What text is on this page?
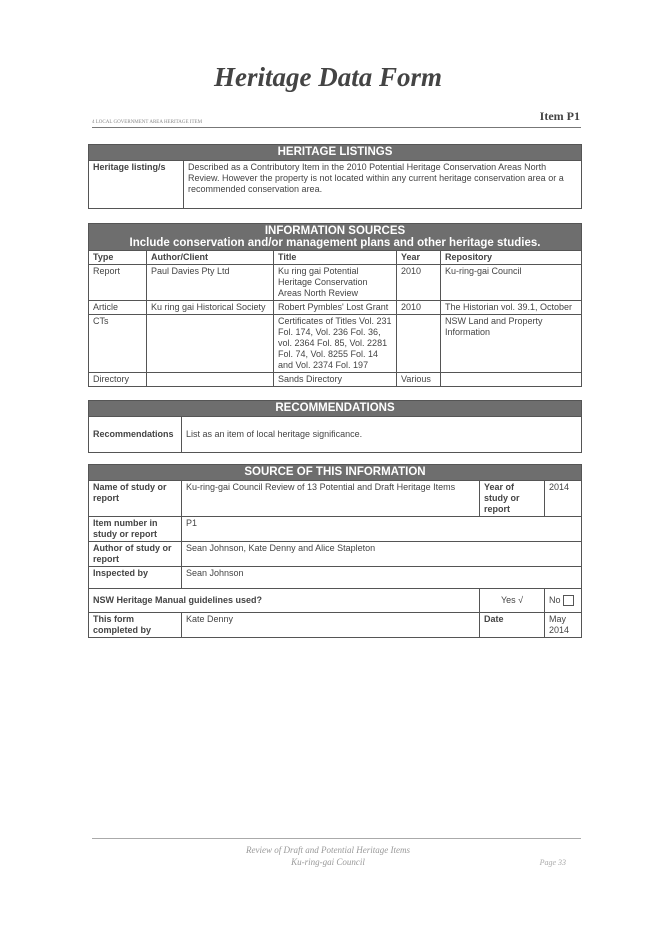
Heritage Data Form
4 LOCAL GOVERNMENT AREA HERITAGE ITEM	Item P1
HERITAGE LISTINGS
Heritage listing/s	Described as a Contributory Item in the 2010 Potential Heritage Conservation Areas North Review. However the property is not located within any current heritage conservation area or a recommended conservation area.
INFORMATION SOURCES
Include conservation and/or management plans and other heritage studies.				

Type	Author/Client	Title	Year	Repository
Report	Paul Davies Pty Ltd	Ku ring gai Potential Heritage Conservation Areas North Review	2010	Ku-ring-gai Council
Article	Ku ring gai Historical Society	Robert Pymbles' Lost Grant	2010	The Historian vol. 39.1, October
CTs		Certificates of Titles Vol. 231 Fol. 174, Vol. 236 Fol. 36, vol. 2364 Fol. 85, Vol. 2281 Fol. 74, Vol. 8255 Fol. 14 and Vol. 2374 Fol. 197		NSW Land and Property Information
Directory		Sands Directory	Various	
RECOMMENDATIONS
Recommendations	List as an item of local heritage significance.
SOURCE OF THIS INFORMATION			
Name of study or report	Ku-ring-gai Council Review of 13 Potential and Draft Heritage Items	Year of study or report	2014
Item number in study or report	P1		
Author of study or report	Sean Johnson, Kate Denny and Alice Stapleton		
Inspected by	Sean Johnson		
NSW Heritage Manual guidelines used?		Yes √	No
This form completed by	Kate Denny	Date	May 2014
Review of Draft and Potential Heritage Items
Ku-ring-gai Council	Page 33
